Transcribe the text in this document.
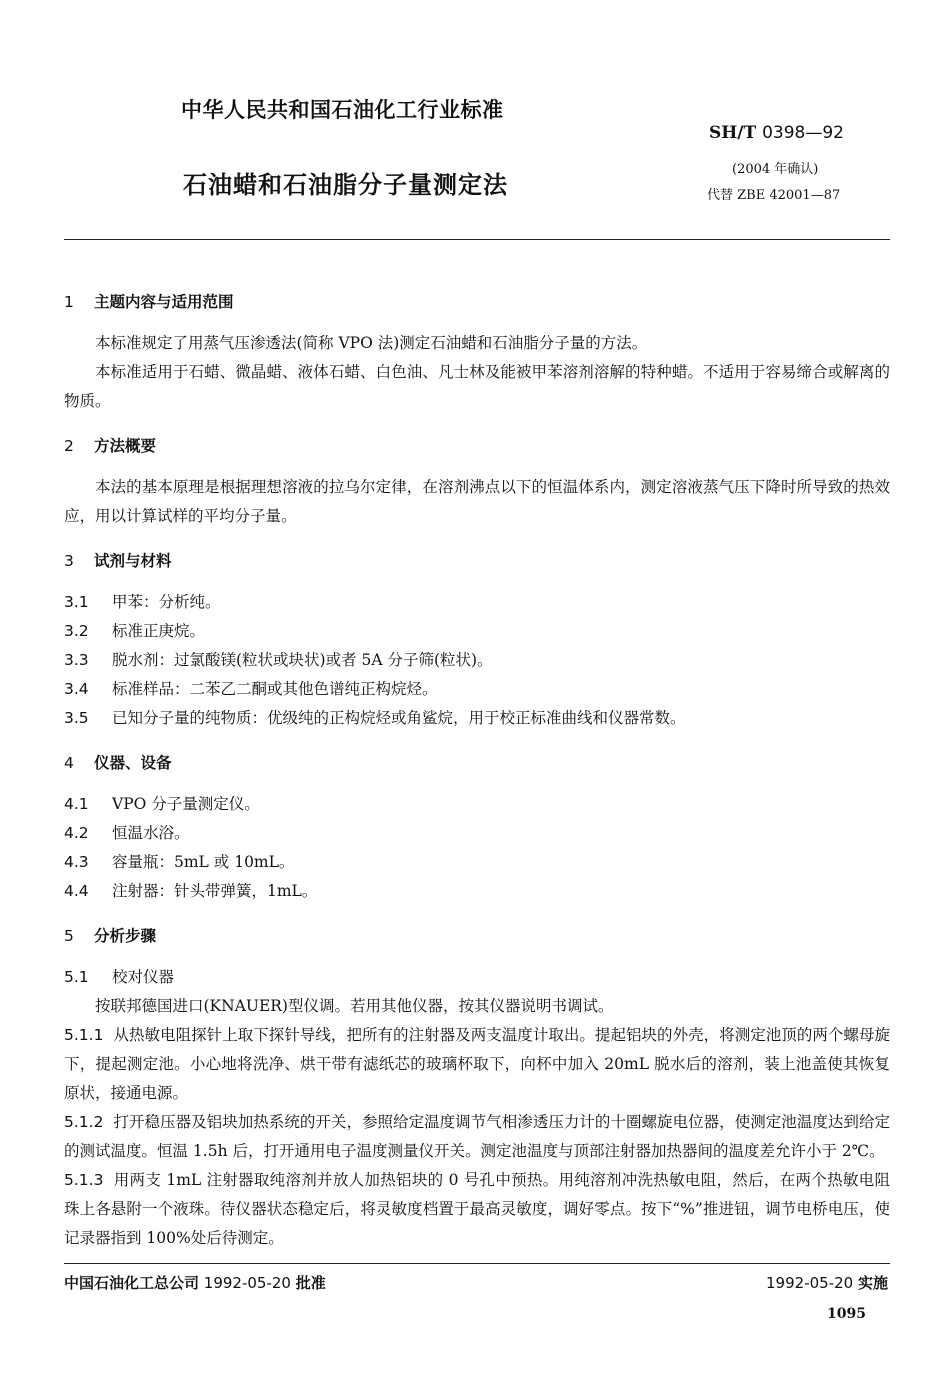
中华人民共和国石油化工行业标准
SH/T 0398—92
(2004 年确认)
石油蜡和石油脂分子量测定法	代替 ZBE 42001—87
1 主题内容与适用范围

本标准规定了用蒸气压渗透法(简称 VPO 法)测定石油蜡和石油脂分子量的方法。

本标准适用于石蜡、微晶蜡、液体石蜡、白色油、凡士林及能被甲苯溶剂溶解的特种蜡。不适用于容易缔合或解离的物质。

2 方法概要

本法的基本原理是根据理想溶液的拉乌尔定律，在溶剂沸点以下的恒温体系内，测定溶液蒸气压下降时所导致的热效应，用以计算试样的平均分子量。

3 试剂与材料

3.1 甲苯：分析纯。

3.2 标准正庚烷。

3.3 脱水剂：过氯酸镁(粒状或块状)或者 5A 分子筛(粒状)。

3.4 标准样品：二苯乙二酮或其他色谱纯正构烷烃。

3.5 已知分子量的纯物质：优级纯的正构烷烃或角鲨烷，用于校正标准曲线和仪器常数。

4 仪器、设备

4.1 VPO 分子量测定仪。

4.2 恒温水浴。

4.3 容量瓶：5mL 或 10mL。

4.4 注射器：针头带弹簧，1mL。

5 分析步骤

5.1 校对仪器

按联邦德国进口(KNAUER)型仪调。若用其他仪器，按其仪器说明书调试。

5.1.1 从热敏电阻探针上取下探针导线，把所有的注射器及两支温度计取出。提起铝块的外壳，将测定池顶的两个螺母旋下，提起测定池。小心地将洗净、烘干带有滤纸芯的玻璃杯取下，向杯中加入 20mL 脱水后的溶剂，装上池盖使其恢复原状，接通电源。

5.1.2 打开稳压器及铝块加热系统的开关，参照给定温度调节气相渗透压力计的十圈螺旋电位器，使测定池温度达到给定的测试温度。恒温 1.5h 后，打开通用电子温度测量仪开关。测定池温度与顶部注射器加热器间的温度差允许小于 2℃。

5.1.3 用两支 1mL 注射器取纯溶剂并放人加热铝块的 0 号孔中预热。用纯溶剂冲洗热敏电阻，然后，在两个热敏电阻珠上各悬附一个液珠。待仪器状态稳定后，将灵敏度档置于最高灵敏度，调好零点。按下“%”推进钮，调节电桥电压，使记录器指到 100%处后待测定。

中国石油化工总公司 1992-05-20 批准	1992-05-20 实施
1095
